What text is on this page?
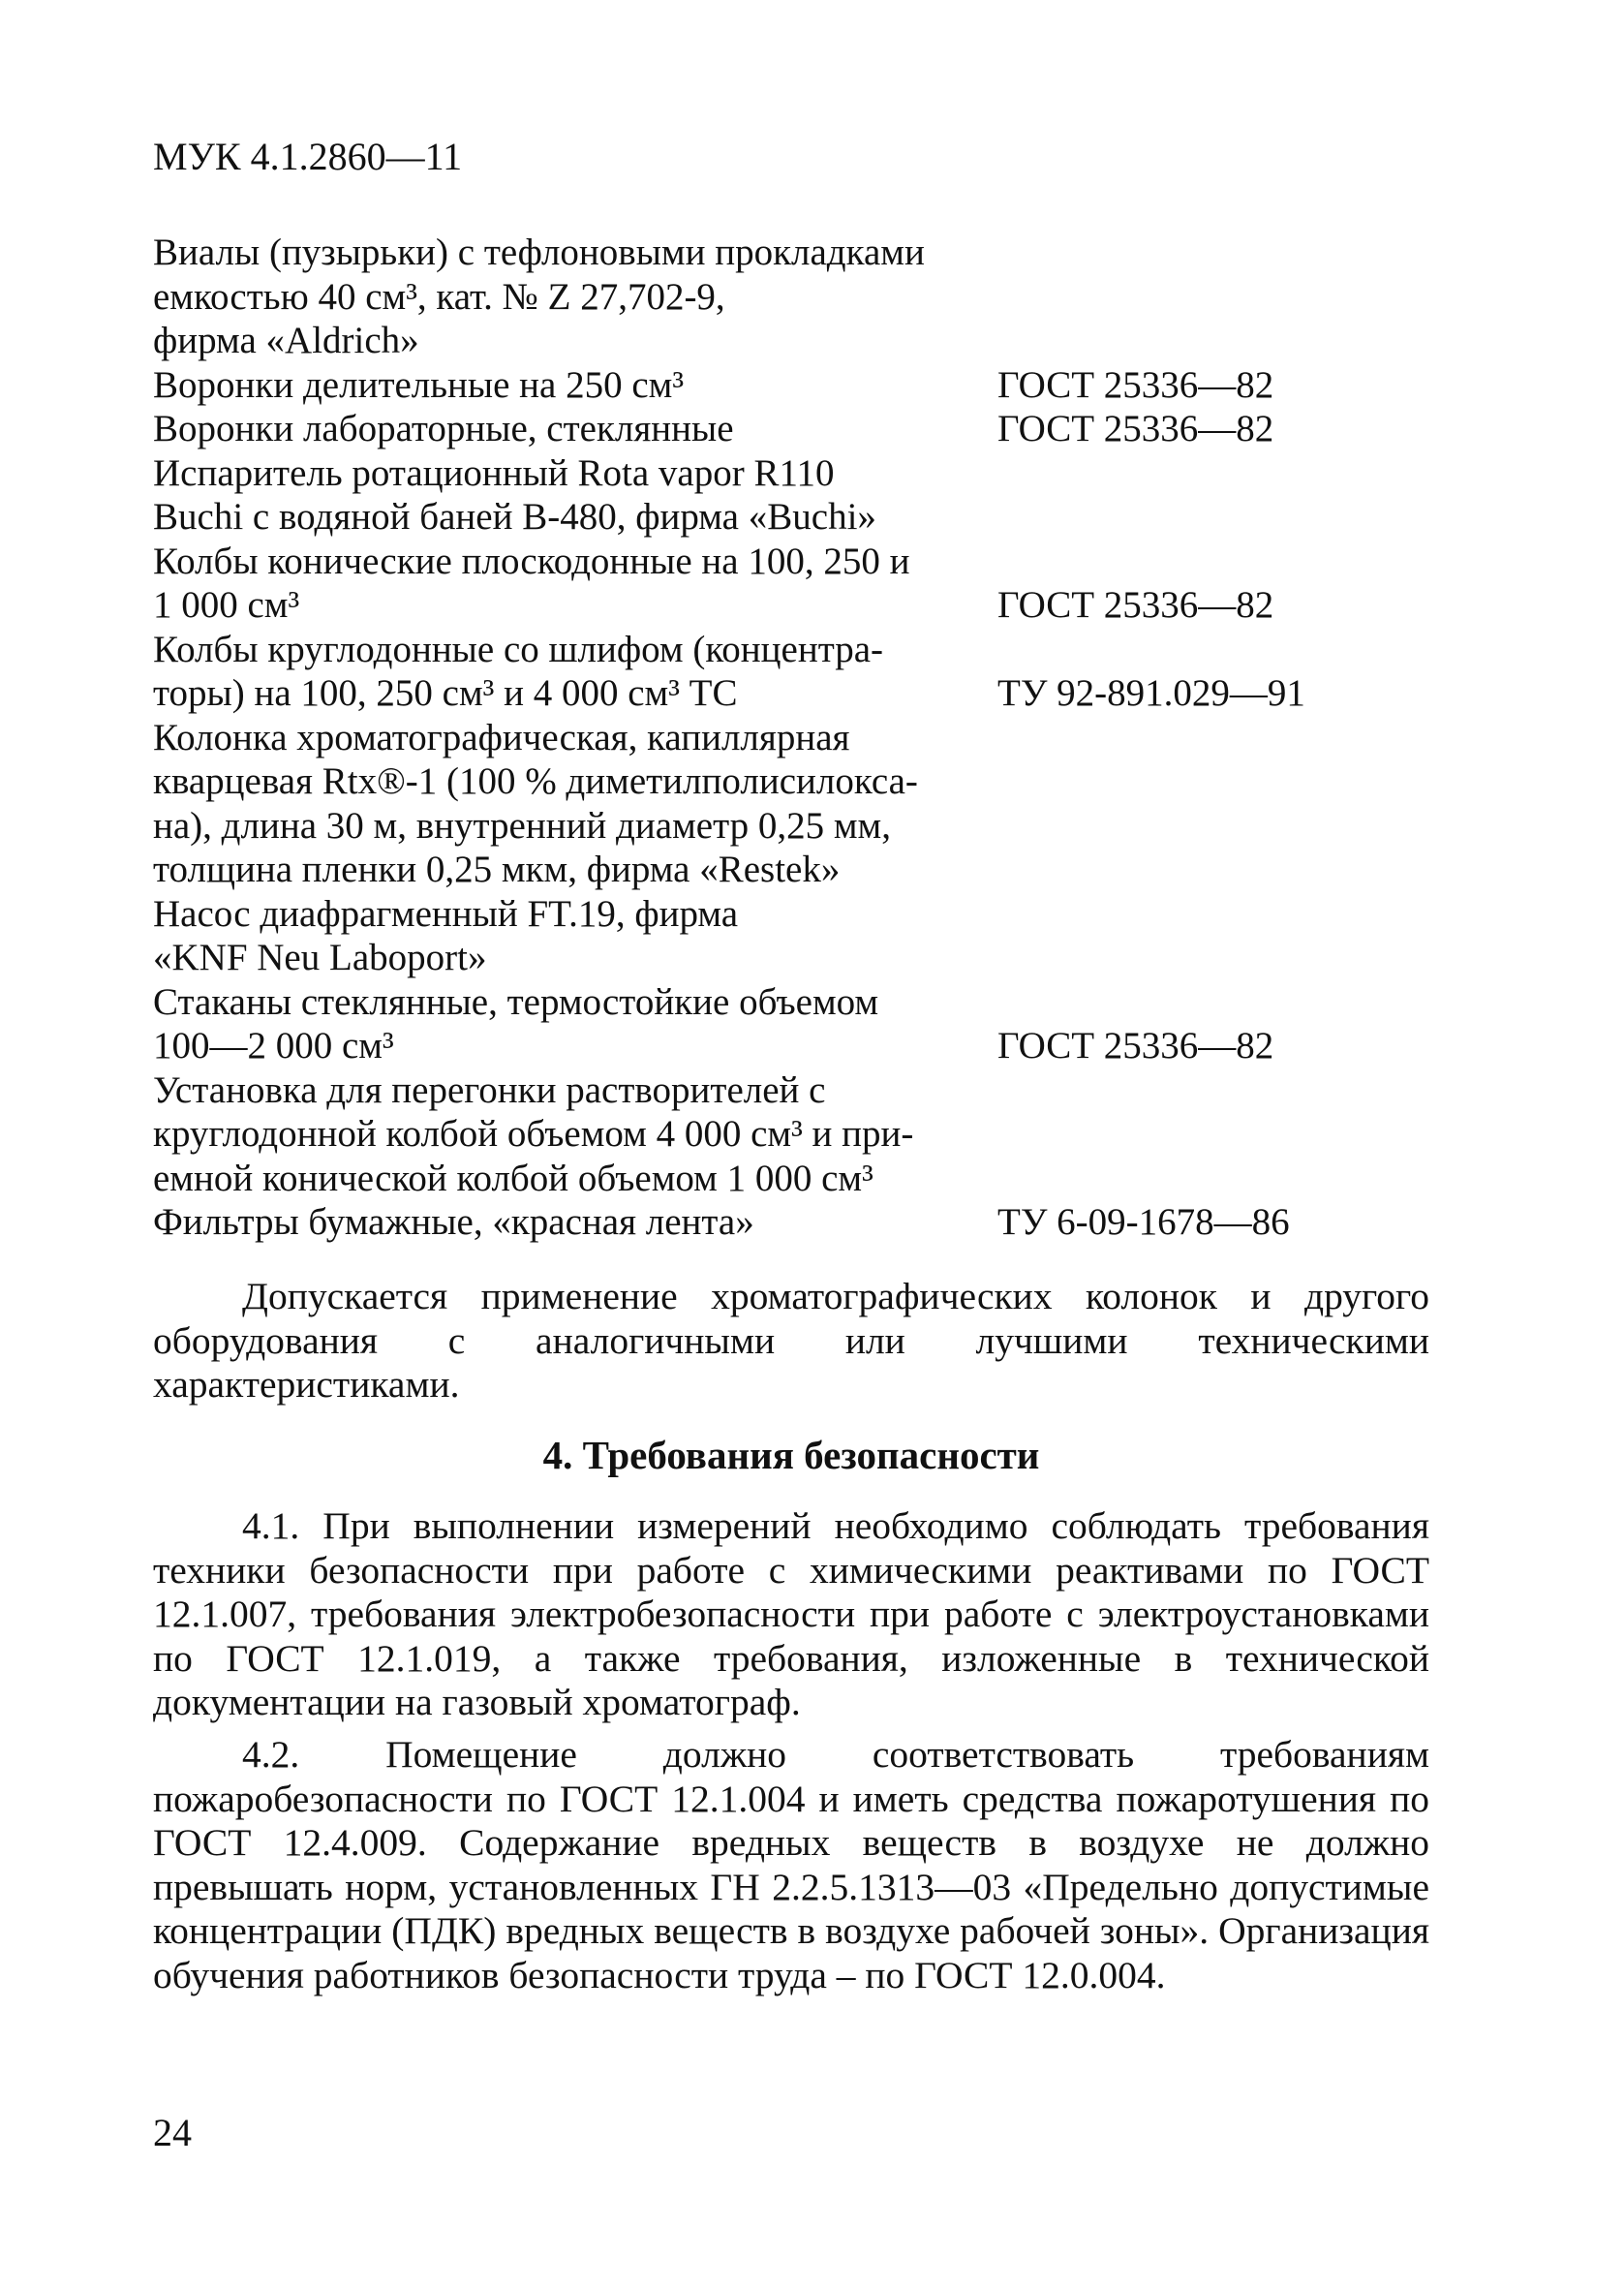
МУК 4.1.2860—11
Виалы (пузырьки) с тефлоновыми прокладками
емкостью 40 см³, кат. № Z 27,702-9,
фирма «Aldrich»
Воронки делительные на 250 см³	ГОСТ 25336—82
Воронки лабораторные, стеклянные	ГОСТ 25336—82
Испаритель ротационный Rota vapor R110
Buchi с водяной баней В-480, фирма «Buchi»
Колбы конические плоскодонные на 100, 250 и
1 000 см³	ГОСТ 25336—82
Колбы круглодонные со шлифом (концентра-
торы) на 100, 250 см³ и 4 000 см³ ТС	ТУ 92-891.029—91
Колонка хроматографическая, капиллярная
кварцевая Rtx®-1 (100 % диметилполисилокса-
на), длина 30 м, внутренний диаметр 0,25 мм,
толщина пленки 0,25 мкм, фирма «Restek»
Насос диафрагменный FT.19, фирма
«KNF Neu Laboport»
Стаканы стеклянные, термостойкие объемом
100—2 000 см³	ГОСТ 25336—82
Установка для перегонки растворителей с
круглодонной колбой объемом 4 000 см³ и при-
емной конической колбой объемом 1 000 см³
Фильтры бумажные, «красная лента»	ТУ 6-09-1678—86
Допускается применение хроматографических колонок и другого оборудования с аналогичными или лучшими техническими характеристиками.
4. Требования безопасности
4.1. При выполнении измерений необходимо соблюдать требования техники безопасности при работе с химическими реактивами по ГОСТ 12.1.007, требования электробезопасности при работе с электроустановками по ГОСТ 12.1.019, а также требования, изложенные в технической документации на газовый хроматограф.
4.2. Помещение должно соответствовать требованиям пожаробезопасности по ГОСТ 12.1.004 и иметь средства пожаротушения по ГОСТ 12.4.009. Содержание вредных веществ в воздухе не должно превышать норм, установленных ГН 2.2.5.1313—03 «Предельно допустимые концентрации (ПДК) вредных веществ в воздухе рабочей зоны». Организация обучения работников безопасности труда – по ГОСТ 12.0.004.
24
